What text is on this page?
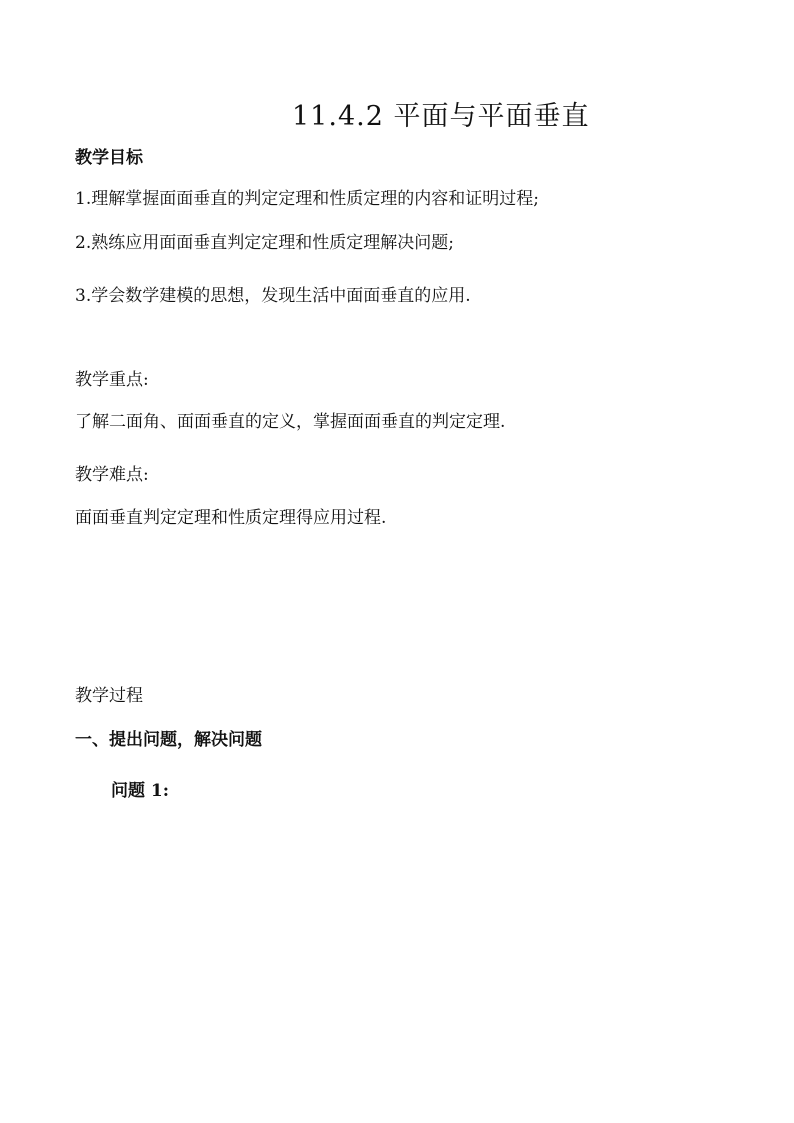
11.4.2 平面与平面垂直
教学目标
1.理解掌握面面垂直的判定定理和性质定理的内容和证明过程;
2.熟练应用面面垂直判定定理和性质定理解决问题;
3.学会数学建模的思想，发现生活中面面垂直的应用.
教学重点:
了解二面角、面面垂直的定义，掌握面面垂直的判定定理.
教学难点:
面面垂直判定定理和性质定理得应用过程.
教学过程
一、提出问题，解决问题
问题 1:
